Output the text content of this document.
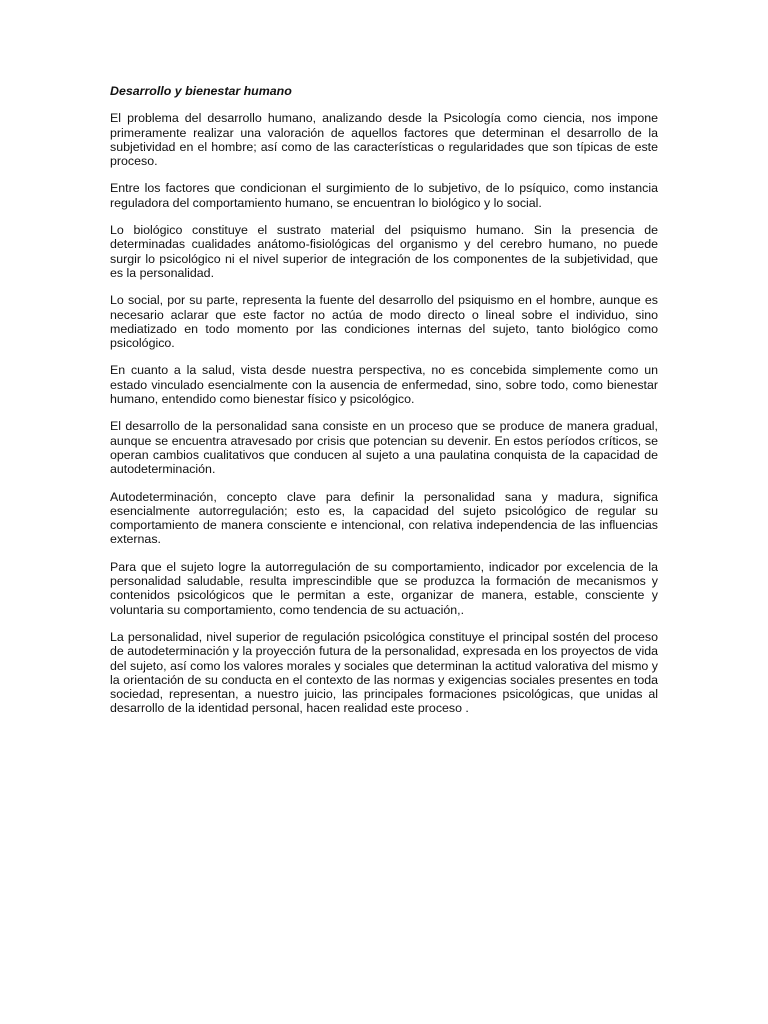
Desarrollo y bienestar humano

El problema del desarrollo humano, analizando desde la Psicología como ciencia, nos impone primeramente realizar una valoración de aquellos factores que determinan el desarrollo de la subjetividad en el hombre; así como de las características o regularidades que son típicas de este proceso.

Entre los factores que condicionan el surgimiento de lo subjetivo, de lo psíquico, como instancia reguladora del comportamiento humano, se encuentran lo biológico y lo social.

Lo biológico constituye el sustrato material del psiquismo humano. Sin la presencia de determinadas cualidades anátomo-fisiológicas del organismo y del cerebro humano, no puede surgir lo psicológico ni el nivel superior de integración de los componentes de la subjetividad, que es la personalidad.

Lo social, por su parte, representa la fuente del desarrollo del psiquismo en el hombre, aunque es necesario aclarar que este factor no actúa de modo directo o lineal sobre el individuo, sino mediatizado en todo momento por las condiciones internas del sujeto, tanto biológico como psicológico.

En cuanto a la salud, vista desde nuestra perspectiva, no es concebida simplemente como un estado vinculado esencialmente con la ausencia de enfermedad, sino, sobre todo, como bienestar humano, entendido como bienestar físico y psicológico.

El desarrollo de la personalidad sana consiste en un proceso que se produce de manera gradual, aunque se encuentra atravesado por crisis que potencian su devenir. En estos períodos críticos, se operan cambios cualitativos que conducen al sujeto a una paulatina conquista de la capacidad de autodeterminación.

Autodeterminación, concepto clave para definir la personalidad sana y madura, significa esencialmente autorregulación; esto es, la capacidad del sujeto psicológico de regular su comportamiento de manera consciente e intencional, con relativa independencia de las influencias externas.

Para que el sujeto logre la autorregulación de su comportamiento, indicador por excelencia de la personalidad saludable, resulta imprescindible que se produzca la formación de mecanismos y contenidos psicológicos que le permitan a este, organizar de manera, estable, consciente y voluntaria su comportamiento, como tendencia de su actuación,.

La personalidad, nivel superior de regulación psicológica constituye el principal sostén del proceso de autodeterminación y la proyección futura de la personalidad, expresada en los proyectos de vida del sujeto, así como los valores morales y sociales que determinan la actitud valorativa del mismo y la orientación de su conducta en el contexto de las normas y exigencias sociales presentes en toda sociedad, representan, a nuestro juicio, las principales formaciones psicológicas, que unidas al desarrollo de la identidad personal, hacen realidad este proceso .
